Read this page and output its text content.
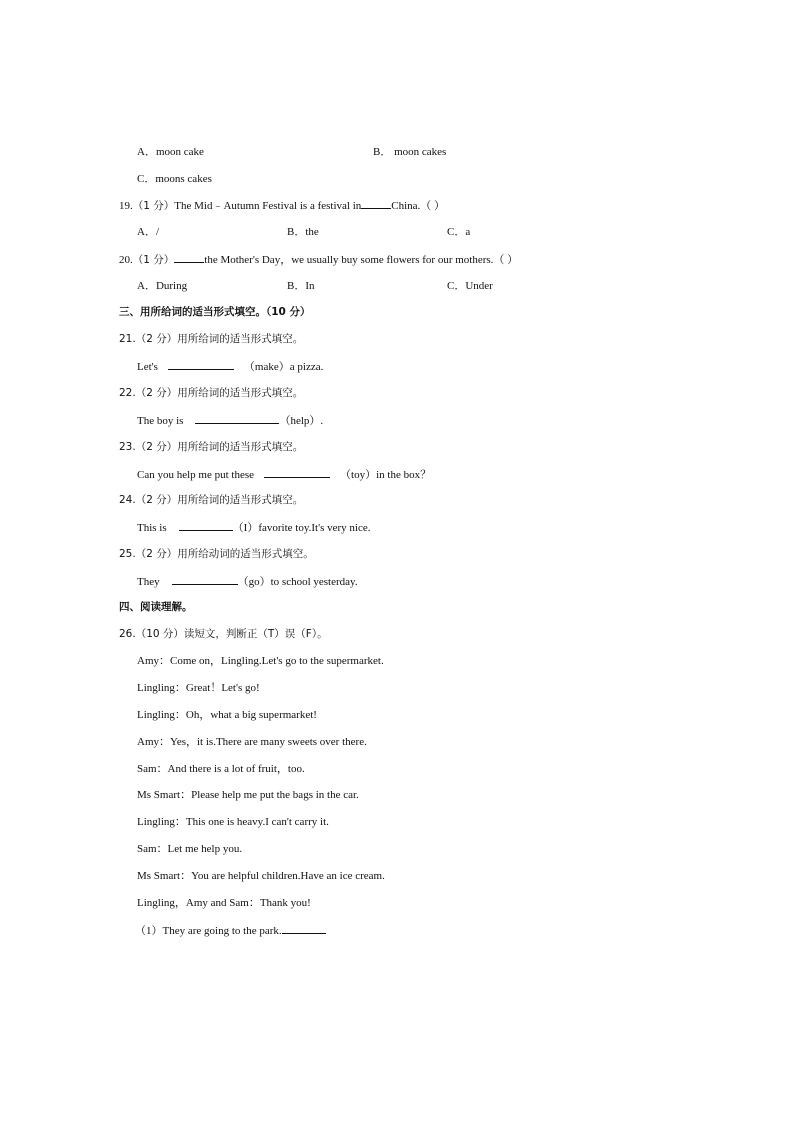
A．moon cake	B． moon cakes
C．moons cakes
19.（1 分）The Mid﹣Autumn Festival is a festival in	China.（ ）
A．/	B．the	C．a
20.（1 分）	the Mother's Day，we usually buy some flowers for our mothers.（ ）
A．During	B．In	C．Under
三、用所给词的适当形式填空。（10 分）
21.（2 分）用所给词的适当形式填空。
Let's	（make）a pizza.
22.（2 分）用所给词的适当形式填空。
The boy is	（help）.
23.（2 分）用所给词的适当形式填空。
Can you help me put these	（toy）in the box？
24.（2 分）用所给词的适当形式填空。
This is	（I）favorite toy.It's very nice.
25.（2 分）用所给动词的适当形式填空。
They	（go）to school yesterday.
四、阅读理解。
26.（10 分）读短文，判断正（T）误（F）。
Amy：Come on，Lingling.Let's go to the supermarket.
Lingling：Great！Let's go!
Lingling：Oh，what a big supermarket!
Amy：Yes，it is.There are many sweets over there.
Sam：And there is a lot of fruit，too.
Ms Smart：Please help me put the bags in the car.
Lingling：This one is heavy.I can't carry it.
Sam：Let me help you.
Ms Smart：You are helpful children.Have an ice cream.
Lingling，Amy and Sam：Thank you!
（1）They are going to the park.
